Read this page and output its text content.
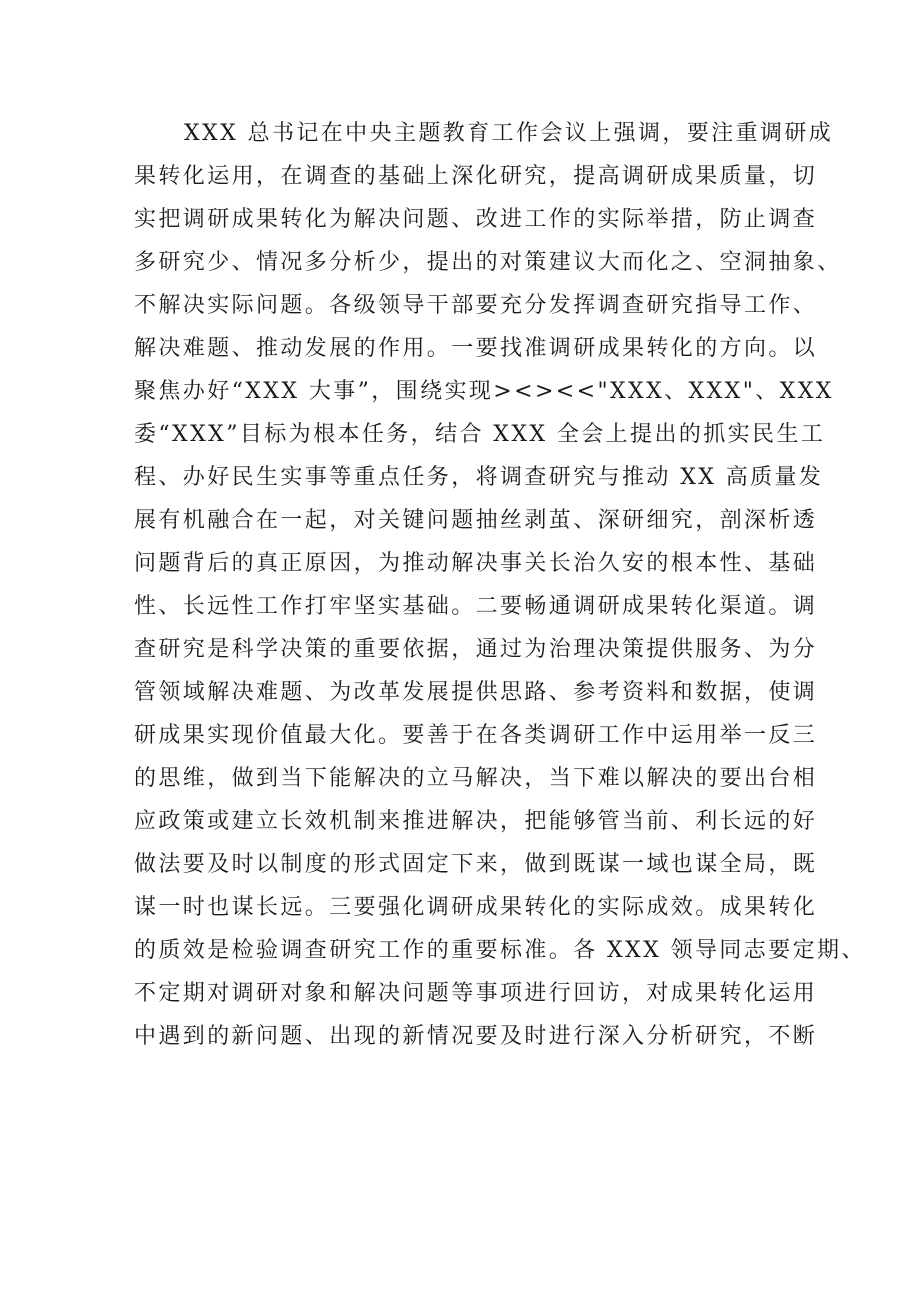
XXX 总书记在中央主题教育工作会议上强调，要注重调研成
果转化运用，在调查的基础上深化研究，提高调研成果质量，切
实把调研成果转化为解决问题、改进工作的实际举措，防止调查
多研究少、情况多分析少，提出的对策建议大而化之、空洞抽象、
不解决实际问题。各级领导干部要充分发挥调查研究指导工作、
解决难题、推动发展的作用。一要找准调研成果转化的方向。以
聚焦办好“XXX 大事”，围绕实现><><<"XXX、XXX"、XXX
委“XXX”目标为根本任务，结合 XXX 全会上提出的抓实民生工
程、办好民生实事等重点任务，将调查研究与推动 XX 高质量发
展有机融合在一起，对关键问题抽丝剥茧、深研细究，剖深析透
问题背后的真正原因，为推动解决事关长治久安的根本性、基础
性、长远性工作打牢坚实基础。二要畅通调研成果转化渠道。调
查研究是科学决策的重要依据，通过为治理决策提供服务、为分
管领域解决难题、为改革发展提供思路、参考资料和数据，使调
研成果实现价值最大化。要善于在各类调研工作中运用举一反三
的思维，做到当下能解决的立马解决，当下难以解决的要出台相
应政策或建立长效机制来推进解决，把能够管当前、利长远的好
做法要及时以制度的形式固定下来，做到既谋一域也谋全局，既
谋一时也谋长远。三要强化调研成果转化的实际成效。成果转化
的质效是检验调查研究工作的重要标准。各 XXX 领导同志要定期、
不定期对调研对象和解决问题等事项进行回访，对成果转化运用
中遇到的新问题、出现的新情况要及时进行深入分析研究，不断
